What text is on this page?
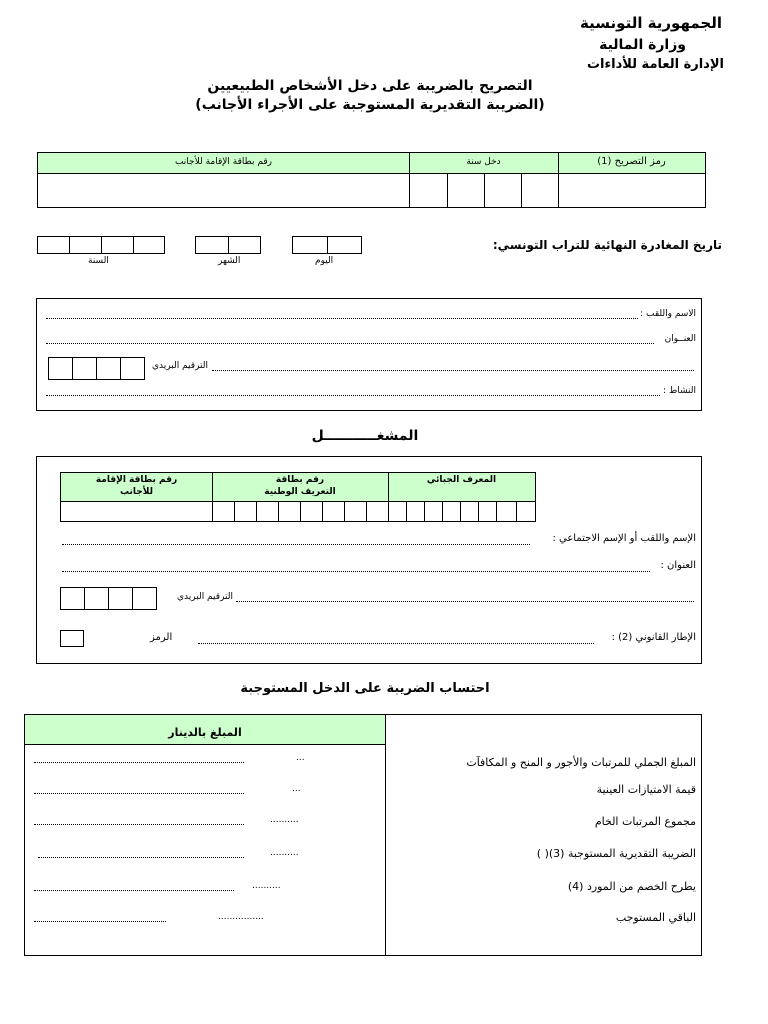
الجمهورية التونسية
وزارة المالية
الإدارة العامة للأداءات
التصريح بالضريبة على دخل الأشخاص الطبيعيين
(الضريبة التقديرية المستوجبة على الأجراء الأجانب)
رقم بطاقة الإقامة للأجانب	دخل سنة	رمز التصريح (1)
تاريخ المغادرة النهائية للتراب التونسي:
اليوم
الشهر
السنة
الاسم واللقب :
العنــوان
الترقيم البريدي
النشاط :
المشغـــــــــــل
رقم بطاقة الإقامة
للأجانب
رقم بطاقة
التعريف الوطنية
المعرف الجبائي
الإسم واللقب أو الإسم الاجتماعي :
العنوان :
الترقيم البريدي
الرمز	الإطار القانوني (2) :
احتساب الضريبة على الدخل المستوجبة
المبلغ بالدينار
المبلغ الجملي للمرتبات والأجور و المنح و المكافآت
...
قيمة الامتيازات العينية
...
مجموع المرتبات الخام
..........
الضريبة التقديرية المستوجبة (3)( )
..........
يطرح الخصم من المورد (4)
..........
الباقي المستوجب
................
